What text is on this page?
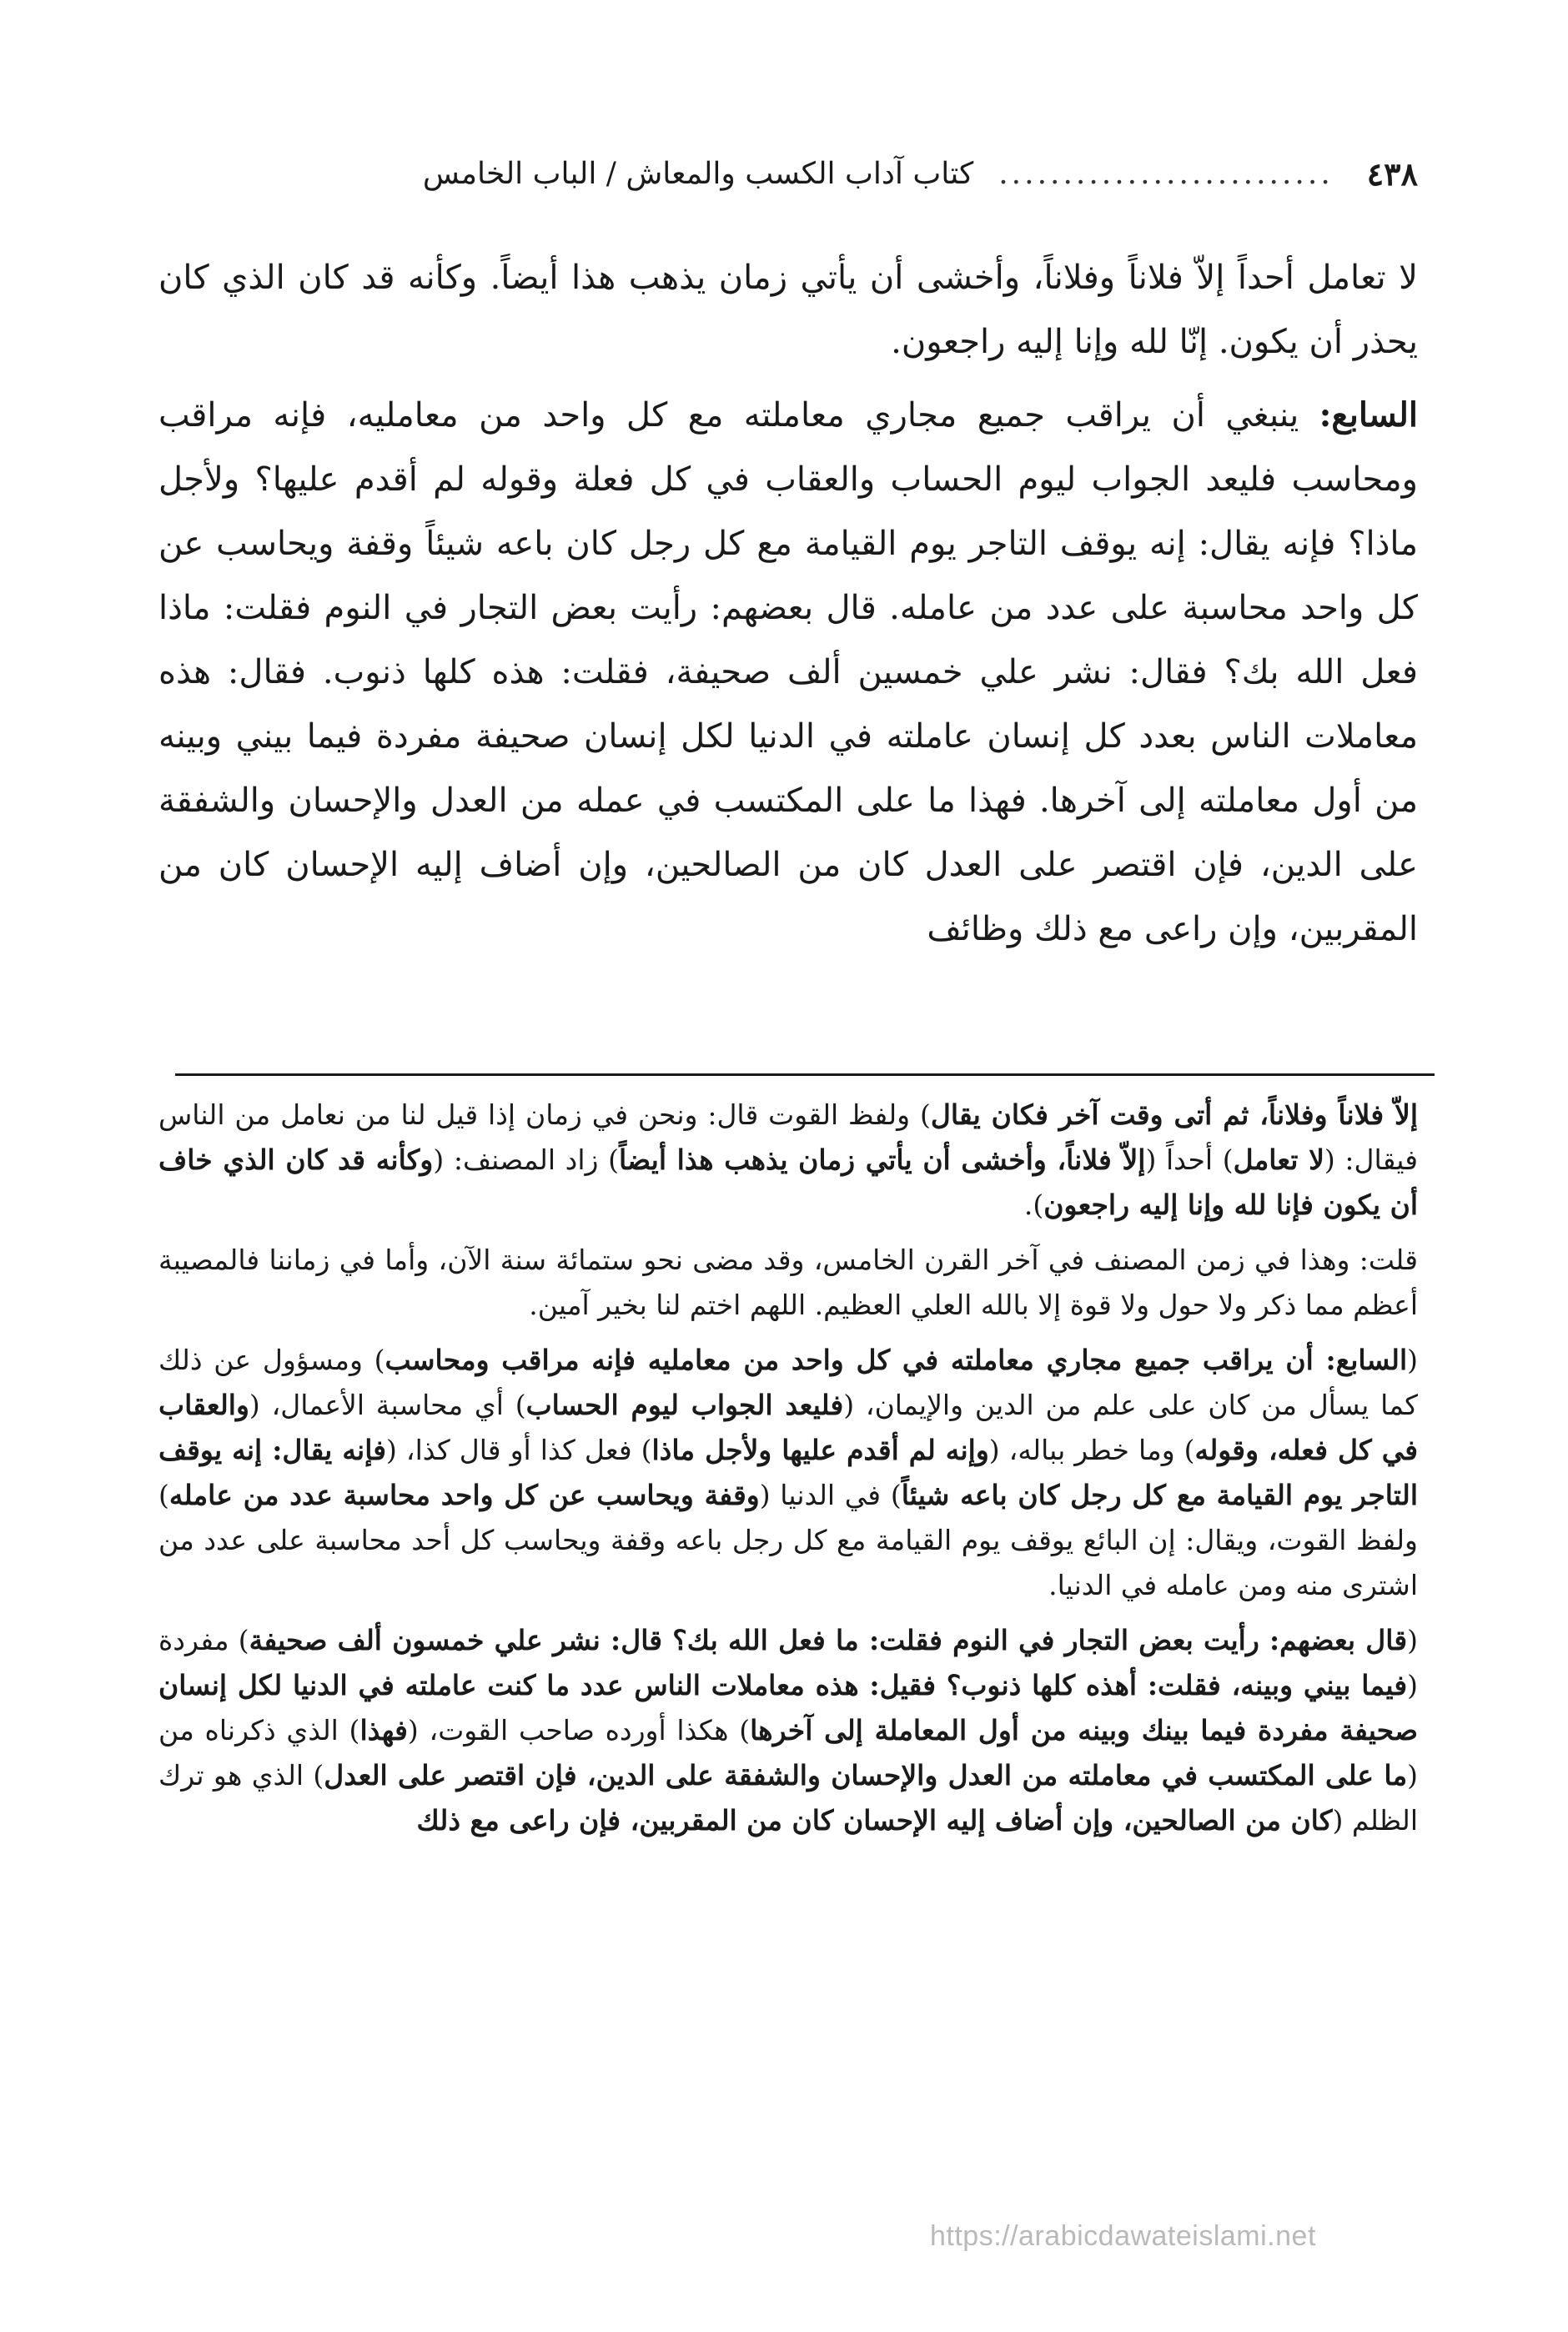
٤٣٨
..........................
كتاب آداب الكسب والمعاش / الباب الخامس

لا تعامل أحداً إلاّ فلاناً وفلاناً، وأخشى أن يأتي زمان يذهب هذا أيضاً. وكأنه قد كان الذي كان يحذر أن يكون. إنّا لله وإنا إليه راجعون.

السابع: ينبغي أن يراقب جميع مجاري معاملته مع كل واحد من معامليه، فإنه مراقب ومحاسب فليعد الجواب ليوم الحساب والعقاب في كل فعلة وقوله لم أقدم عليها؟ ولأجل ماذا؟ فإنه يقال: إنه يوقف التاجر يوم القيامة مع كل رجل كان باعه شيئاً وقفة ويحاسب عن كل واحد محاسبة على عدد من عامله. قال بعضهم: رأيت بعض التجار في النوم فقلت: ماذا فعل الله بك؟ فقال: نشر علي خمسين ألف صحيفة، فقلت: هذه كلها ذنوب. فقال: هذه معاملات الناس بعدد كل إنسان عاملته في الدنيا لكل إنسان صحيفة مفردة فيما بيني وبينه من أول معاملته إلى آخرها. فهذا ما على المكتسب في عمله من العدل والإحسان والشفقة على الدين، فإن اقتصر على العدل كان من الصالحين، وإن أضاف إليه الإحسان كان من المقربين، وإن راعى مع ذلك وظائف

إلاّ فلاناً وفلاناً، ثم أتى وقت آخر فكان يقال) ولفظ القوت قال: ونحن في زمان إذا قيل لنا من نعامل من الناس فيقال: (لا تعامل) أحداً (إلاّ فلاناً، وأخشى أن يأتي زمان يذهب هذا أيضاً) زاد المصنف: (وكأنه قد كان الذي خاف أن يكون فإنا لله وإنا إليه راجعون).

قلت: وهذا في زمن المصنف في آخر القرن الخامس، وقد مضى نحو ستمائة سنة الآن، وأما في زماننا فالمصيبة أعظم مما ذكر ولا حول ولا قوة إلا بالله العلي العظيم. اللهم اختم لنا بخير آمين.

(السابع: أن يراقب جميع مجاري معاملته في كل واحد من معامليه فإنه مراقب ومحاسب) ومسؤول عن ذلك كما يسأل من كان على علم من الدين والإيمان، (فليعد الجواب ليوم الحساب) أي محاسبة الأعمال، (والعقاب في كل فعله، وقوله) وما خطر بباله، (وإنه لم أقدم عليها ولأجل ماذا) فعل كذا أو قال كذا، (فإنه يقال: إنه يوقف التاجر يوم القيامة مع كل رجل كان باعه شيئاً) في الدنيا (وقفة ويحاسب عن كل واحد محاسبة عدد من عامله) ولفظ القوت، ويقال: إن البائع يوقف يوم القيامة مع كل رجل باعه وقفة ويحاسب كل أحد محاسبة على عدد من اشترى منه ومن عامله في الدنيا.

(قال بعضهم: رأيت بعض التجار في النوم فقلت: ما فعل الله بك؟ قال: نشر علي خمسون ألف صحيفة) مفردة (فيما بيني وبينه، فقلت: أهذه كلها ذنوب؟ فقيل: هذه معاملات الناس عدد ما كنت عاملته في الدنيا لكل إنسان صحيفة مفردة فيما بينك وبينه من أول المعاملة إلى آخرها) هكذا أورده صاحب القوت، (فهذا) الذي ذكرناه من (ما على المكتسب في معاملته من العدل والإحسان والشفقة على الدين، فإن اقتصر على العدل) الذي هو ترك الظلم (كان من الصالحين، وإن أضاف إليه الإحسان كان من المقربين، فإن راعى مع ذلك

https://arabicdawateislami.net
